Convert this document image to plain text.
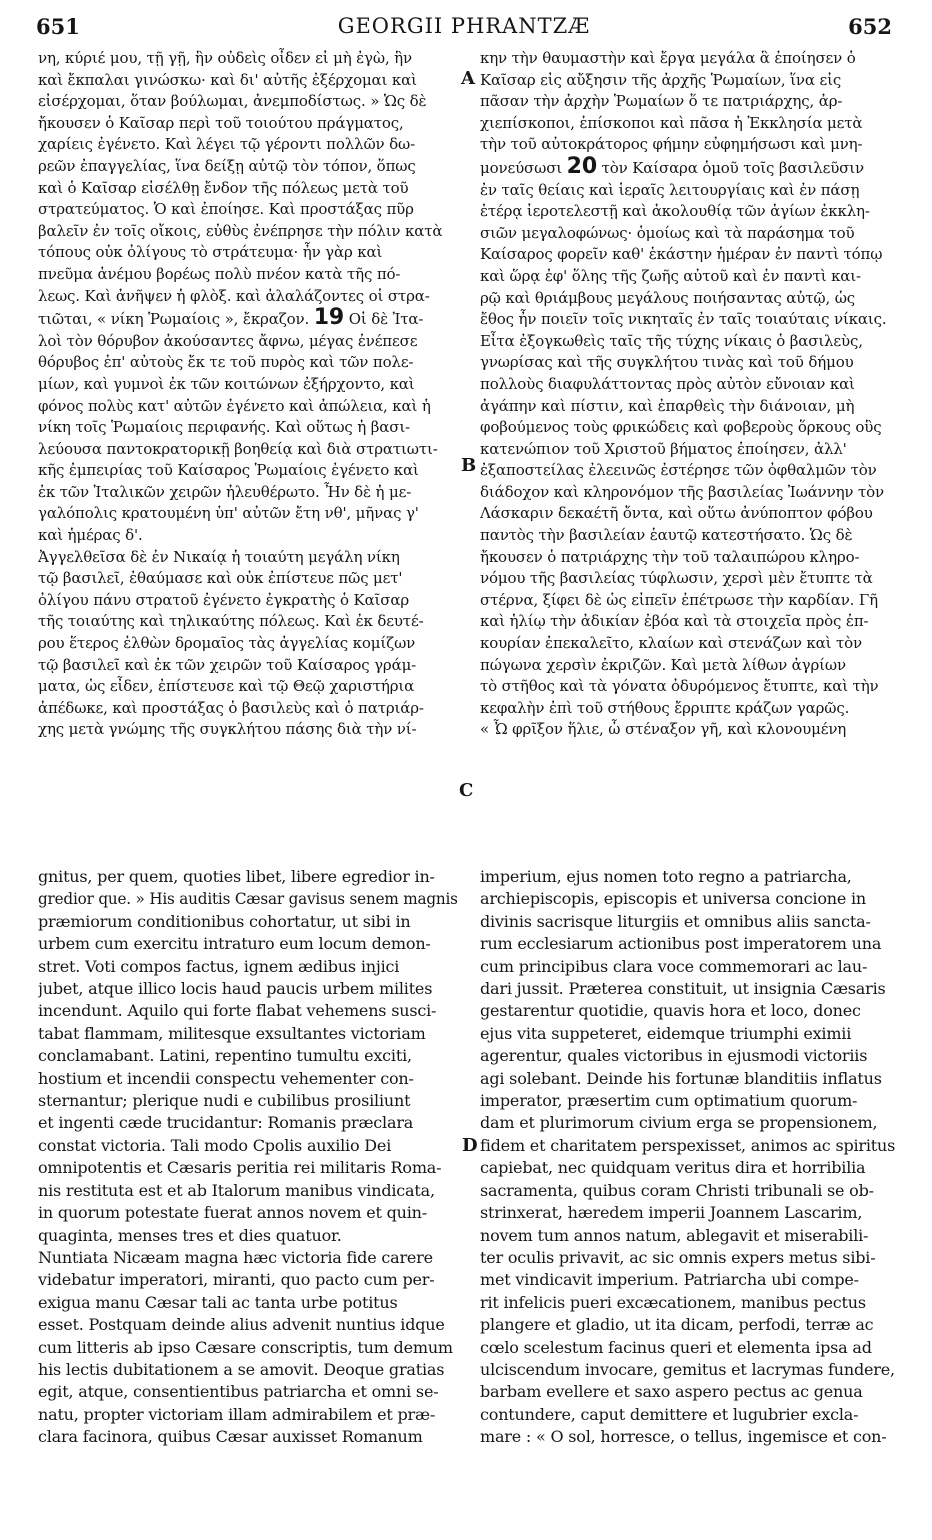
651	GEORGII PHRANTZÆ	652
νη, κύριέ μου, τῇ γῇ, ἣν οὐδεὶς οἶδεν εἰ μὴ ἐγὼ, ἣν
καὶ ἔκπαλαι γινώσκω· καὶ δι' αὐτῆς ἐξέρχομαι καὶ
εἰσέρχομαι, ὅταν βούλωμαι, ἀνεμποδίστως. » Ὡς δὲ
ἤκουσεν ὁ Καῖσαρ περὶ τοῦ τοιούτου πράγματος,
χαρίεις ἐγένετο. Καὶ λέγει τῷ γέροντι πολλῶν δω-
ρεῶν ἐπαγγελίας, ἵνα δείξῃ αὐτῷ τὸν τόπον, ὅπως
καὶ ὁ Καῖσαρ εἰσέλθῃ ἔνδον τῆς πόλεως μετὰ τοῦ
στρατεύματος. Ὁ καὶ ἐποίησε. Καὶ προστάξας πῦρ
βαλεῖν ἐν τοῖς οἴκοις, εὐθὺς ἐνέπρησε τὴν πόλιν κατὰ
τόπους οὐκ ὀλίγους τὸ στράτευμα· ἦν γὰρ καὶ
πνεῦμα ἀνέμου βορέως πολὺ πνέον κατὰ τῆς πό-
λεως. Καὶ ἀνῆψεν ἡ φλὸξ. καὶ ἀλαλάζοντες οἱ στρα-
τιῶται, « νίκη Ῥωμαίοις », ἔκραζον. 19 Οἱ δὲ Ἰτα-
λοὶ τὸν θόρυβον ἀκούσαντες ἄφνω, μέγας ἐνέπεσε
θόρυβος ἐπ' αὐτοὺς ἔκ τε τοῦ πυρὸς καὶ τῶν πολε-
μίων, καὶ γυμνοὶ ἐκ τῶν κοιτώνων ἐξήρχοντο, καὶ
φόνος πολὺς κατ' αὐτῶν ἐγένετο καὶ ἀπώλεια, καὶ ἡ
νίκη τοῖς Ῥωμαίοις περιφανής. Καὶ οὕτως ἡ βασι-
λεύουσα παντοκρατορικῇ βοηθείᾳ καὶ διὰ στρατιωτι-
κῆς ἐμπειρίας τοῦ Καίσαρος Ῥωμαίοις ἐγένετο καὶ
ἐκ τῶν Ἰταλικῶν χειρῶν ἠλευθέρωτο. Ἦν δὲ ἡ με-
γαλόπολις κρατουμένη ὑπ' αὐτῶν ἔτη νθ', μῆνας γ'
καὶ ἡμέρας δ'.
Ἀγγελθεῖσα δὲ ἐν Νικαίᾳ ἡ τοιαύτη μεγάλη νίκη
τῷ βασιλεῖ, ἐθαύμασε καὶ οὐκ ἐπίστευε πῶς μετ'
ὀλίγου πάνυ στρατοῦ ἐγένετο ἐγκρατὴς ὁ Καῖσαρ
τῆς τοιαύτης καὶ τηλικαύτης πόλεως. Καὶ ἐκ δευτέ-
ρου ἕτερος ἐλθὼν δρομαῖος τὰς ἀγγελίας κομίζων
τῷ βασιλεῖ καὶ ἐκ τῶν χειρῶν τοῦ Καίσαρος γράμ-
ματα, ὡς εἶδεν, ἐπίστευσε καὶ τῷ Θεῷ χαριστήρια
ἀπέδωκε, καὶ προστάξας ὁ βασιλεὺς καὶ ὁ πατριάρ-
χης μετὰ γνώμης τῆς συγκλήτου πάσης διὰ τὴν νί-
κην τὴν θαυμαστὴν καὶ ἔργα μεγάλα ἃ ἐποίησεν ὁ
Καῖσαρ εἰς αὔξησιν τῆς ἀρχῆς Ῥωμαίων, ἵνα εἰς
πᾶσαν τὴν ἀρχὴν Ῥωμαίων ὅ τε πατριάρχης, ἀρ-
χιεπίσκοποι, ἐπίσκοποι καὶ πᾶσα ἡ Ἐκκλησία μετὰ
τὴν τοῦ αὐτοκράτορος φήμην εὐφημήσωσι καὶ μνη-
μονεύσωσι 20 τὸν Καίσαρα ὁμοῦ τοῖς βασιλεῦσιν
ἐν ταῖς θείαις καὶ ἱεραῖς λειτουργίαις καὶ ἐν πάσῃ
ἑτέρᾳ ἱεροτελεστῇ καὶ ἀκολουθίᾳ τῶν ἁγίων ἐκκλη-
σιῶν μεγαλοφώνως· ὁμοίως καὶ τὰ παράσημα τοῦ
Καίσαρος φορεῖν καθ' ἑκάστην ἡμέραν ἐν παντὶ τόπῳ
καὶ ὥρᾳ ἐφ' ὅλης τῆς ζωῆς αὐτοῦ καὶ ἐν παντὶ και-
ρῷ καὶ θριάμβους μεγάλους ποιήσαντας αὐτῷ, ὡς
ἔθος ἦν ποιεῖν τοῖς νικηταῖς ἐν ταῖς τοιαύταις νίκαις.
Εἶτα ἐξογκωθεὶς ταῖς τῆς τύχης νίκαις ὁ βασιλεὺς,
γνωρίσας καὶ τῆς συγκλήτου τινὰς καὶ τοῦ δήμου
πολλοὺς διαφυλάττοντας πρὸς αὐτὸν εὔνοιαν καὶ
ἀγάπην καὶ πίστιν, καὶ ἐπαρθεὶς τὴν διάνοιαν, μὴ
φοβούμενος τοὺς φρικώδεις καὶ φοβεροὺς ὅρκους οὓς
κατενώπιον τοῦ Χριστοῦ βήματος ἐποίησεν, ἀλλ'
ἐξαποστείλας ἐλεεινῶς ἐστέρησε τῶν ὀφθαλμῶν τὸν
διάδοχον καὶ κληρονόμον τῆς βασιλείας Ἰωάννην τὸν
Λάσκαριν δεκαέτῆ ὄντα, καὶ οὕτω ἀνύποπτον φόβου
παντὸς τὴν βασιλείαν ἑαυτῷ κατεστήσατο. Ὡς δὲ
ἤκουσεν ὁ πατριάρχης τὴν τοῦ ταλαιπώρου κληρο-
νόμου τῆς βασιλείας τύφλωσιν, χερσὶ μὲν ἔτυπτε τὰ
στέρνα, ξίφει δὲ ὡς εἰπεῖν ἐπέτρωσε τὴν καρδίαν. Γῆ
καὶ ἡλίῳ τὴν ἀδικίαν ἐβόα καὶ τὰ στοιχεῖα πρὸς ἐπ-
κουρίαν ἐπεκαλεῖτο, κλαίων καὶ στενάζων καὶ τὸν
πώγωνα χερσὶν ἐκριζῶν. Καὶ μετὰ λίθων ἀγρίων
τὸ στῆθος καὶ τὰ γόνατα ὀδυρόμενος ἔτυπτε, καὶ τὴν
κεφαλὴν ἐπὶ τοῦ στήθους ἔρριπτε κράζων γαρῶς.
« Ὦ φρῖξον ἥλιε, ὦ στέναξον γῆ, καὶ κλονουμένη
A
B
C
D
gnitus, per quem, quoties libet, libere egredior in-
gredior que. » His auditis Cæsar gavisus senem magnis
præmiorum conditionibus cohortatur, ut sibi in
urbem cum exercitu intraturo eum locum demon-
stret. Voti compos factus, ignem ædibus injici
jubet, atque illico locis haud paucis urbem milites
incendunt. Aquilo qui forte flabat vehemens susci-
tabat flammam, militesque exsultantes victoriam
conclamabant. Latini, repentino tumultu exciti,
hostium et incendii conspectu vehementer con-
sternantur; plerique nudi e cubilibus prosiliunt
et ingenti cæde trucidantur: Romanis præclara
constat victoria. Tali modo Cpolis auxilio Dei
omnipotentis et Cæsaris peritia rei militaris Roma-
nis restituta est et ab Italorum manibus vindicata,
in quorum potestate fuerat annos novem et quin-
quaginta, menses tres et dies quatuor.
Nuntiata Nicæam magna hæc victoria fide carere
videbatur imperatori, miranti, quo pacto cum per-
exigua manu Cæsar tali ac tanta urbe potitus
esset. Postquam deinde alius advenit nuntius idque
cum litteris ab ipso Cæsare conscriptis, tum demum
his lectis dubitationem a se amovit. Deoque gratias
egit, atque, consentientibus patriarcha et omni se-
natu, propter victoriam illam admirabilem et præ-
clara facinora, quibus Cæsar auxisset Romanum
imperium, ejus nomen toto regno a patriarcha,
archiepiscopis, episcopis et universa concione in
divinis sacrisque liturgiis et omnibus aliis sancta-
rum ecclesiarum actionibus post imperatorem una
cum principibus clara voce commemorari ac lau-
dari jussit. Præterea constituit, ut insignia Cæsaris
gestarentur quotidie, quavis hora et loco, donec
ejus vita suppeteret, eidemque triumphi eximii
agerentur, quales victoribus in ejusmodi victoriis
agi solebant. Deinde his fortunæ blanditiis inflatus
imperator, præsertim cum optimatium quorum-
dam et plurimorum civium erga se propensionem,
fidem et charitatem perspexisset, animos ac spiritus
capiebat, nec quidquam veritus dira et horribilia
sacramenta, quibus coram Christi tribunali se ob-
strinxerat, hæredem imperii Joannem Lascarim,
novem tum annos natum, ablegavit et miserabili-
ter oculis privavit, ac sic omnis expers metus sibi-
met vindicavit imperium. Patriarcha ubi compe-
rit infelicis pueri excæcationem, manibus pectus
plangere et gladio, ut ita dicam, perfodi, terræ ac
cœlo scelestum facinus queri et elementa ipsa ad
ulciscendum invocare, gemitus et lacrymas fundere,
barbam evellere et saxo aspero pectus ac genua
contundere, caput demittere et lugubrier excla-
mare : « O sol, horresce, o tellus, ingemisce et con-
